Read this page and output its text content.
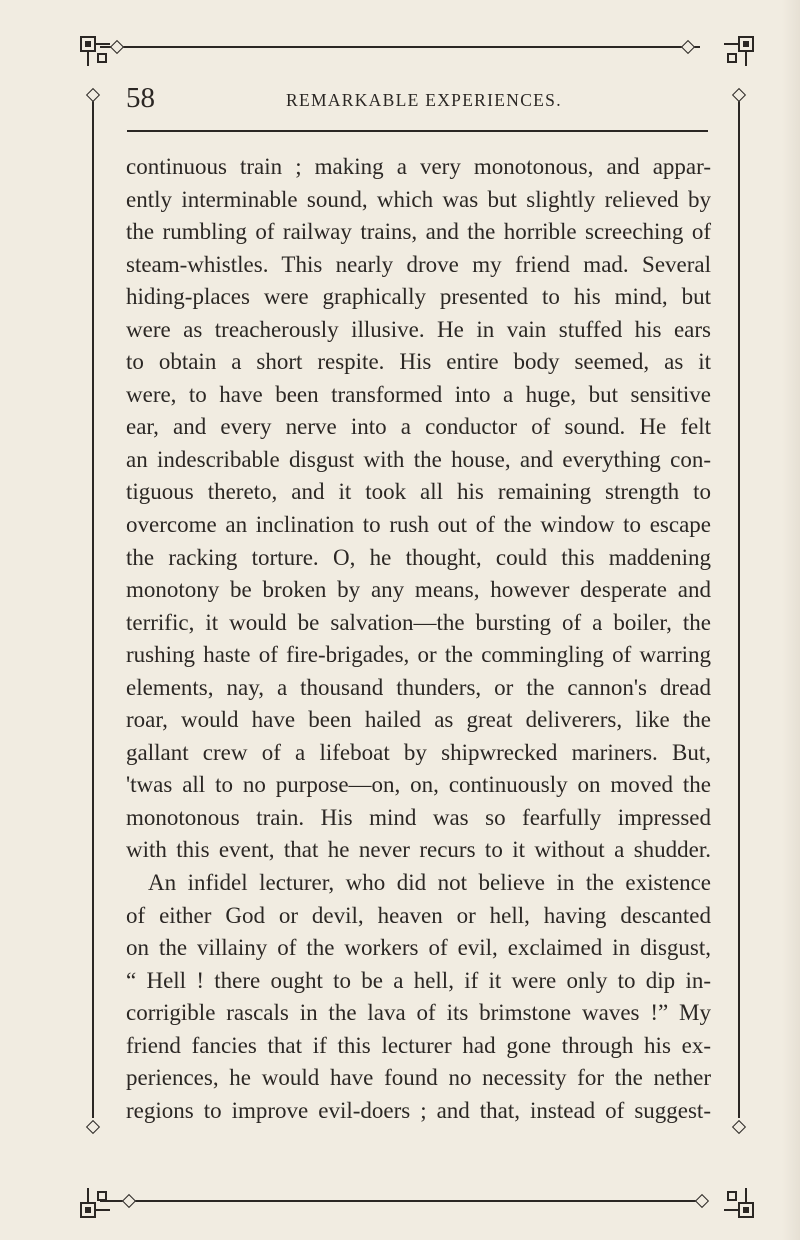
58	REMARKABLE EXPERIENCES.
continuous train ; making a very monotonous, and appar-
ently interminable sound, which was but slightly relieved by
the rumbling of railway trains, and the horrible screeching of
steam-whistles. This nearly drove my friend mad. Several
hiding-places were graphically presented to his mind, but
were as treacherously illusive. He in vain stuffed his ears
to obtain a short respite. His entire body seemed, as it
were, to have been transformed into a huge, but sensitive
ear, and every nerve into a conductor of sound. He felt
an indescribable disgust with the house, and everything con-
tiguous thereto, and it took all his remaining strength to
overcome an inclination to rush out of the window to escape
the racking torture. O, he thought, could this maddening
monotony be broken by any means, however desperate and
terrific, it would be salvation—the bursting of a boiler, the
rushing haste of fire-brigades, or the commingling of warring
elements, nay, a thousand thunders, or the cannon's dread
roar, would have been hailed as great deliverers, like the
gallant crew of a lifeboat by shipwrecked mariners. But,
'twas all to no purpose—on, on, continuously on moved the
monotonous train. His mind was so fearfully impressed
with this event, that he never recurs to it without a shudder.
An infidel lecturer, who did not believe in the existence
of either God or devil, heaven or hell, having descanted
on the villainy of the workers of evil, exclaimed in disgust,
“ Hell ! there ought to be a hell, if it were only to dip in-
corrigible rascals in the lava of its brimstone waves !” My
friend fancies that if this lecturer had gone through his ex-
periences, he would have found no necessity for the nether
regions to improve evil-doers ; and that, instead of suggest-
